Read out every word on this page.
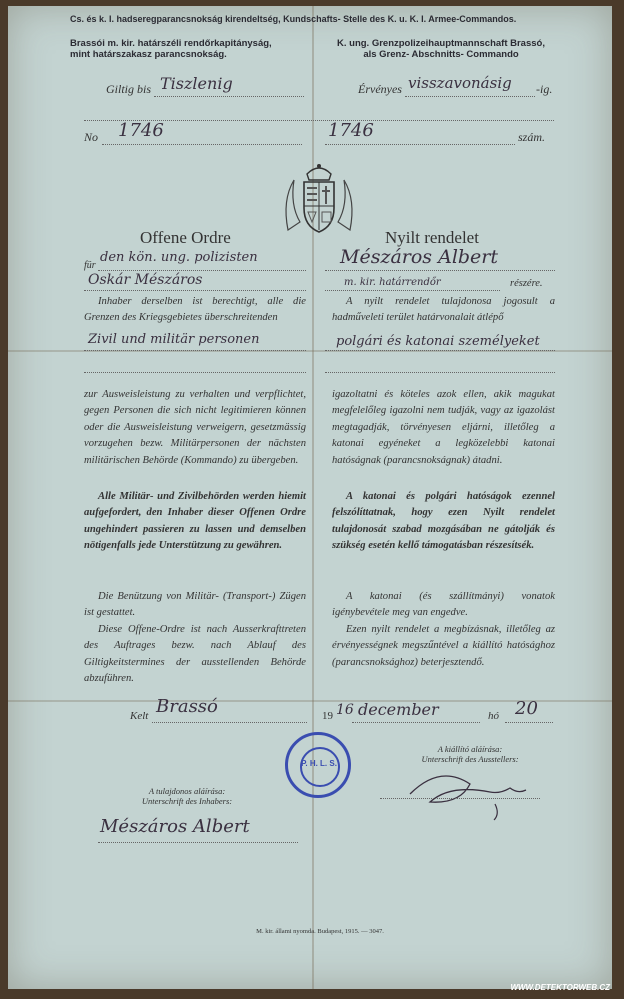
Cs. és k. I. hadseregparancsnokság kirendeltség, Kundschafts- Stelle des K. u. K. I. Armee-Commandos.
Brassói m. kir. határszéli rendőrkapitányság,
mint határszakasz parancsnokság.
K. ung. Grenzpolizeihauptmannschaft Brassó,
als Grenz- Abschnitts- Commando
Giltig bis Tiszlenig	Érvényes visszavonásig -ig.
No 1746	1746	szám.
Offene Ordre	Nyilt rendelet
für
den kön. ung. polizisten
Oskár Mészáros
Mészáros Albert
m. kir. határrendőr	részére.
Inhaber derselben ist berechtigt, alle die Grenzen des Kriegsgebietes überschreitenden
A nyilt rendelet tulajdonosa jogosult a hadműveleti terület határvonalait átlépő
Zivil und militär personen	polgári és katonai személyeket
zur Ausweisleistung zu verhalten und verpflichtet, gegen Personen die sich nicht legitimieren können oder die Ausweisleistung verweigern, gesetzmässig vorzugehen bezw. Militärpersonen der nächsten militärischen Behörde (Kommando) zu übergeben.
igazoltatni és köteles azok ellen, akik magukat megfelelőleg igazolni nem tudják, vagy az igazolást megtagadják, törvényesen eljárni, illetőleg a katonai egyéneket a legközelebbi katonai hatóságnak (parancsnokságnak) átadni.
Alle Militär- und Zivilbehörden werden hiemit aufgefordert, den Inhaber dieser Offenen Ordre ungehindert passieren zu lassen und demselben nötigenfalls jede Unterstützung zu gewähren.
A katonai és polgári hatóságok ezennel felszólíttatnak, hogy ezen Nyilt rendelet tulajdonosát szabad mozgásában ne gátolják és szükség esetén kellő támogatásban részesítsék.
Die Benützung von Militär- (Transport-) Zügen ist gestattet.
A katonai (és szállítmányi) vonatok igénybevétele meg van engedve.
Diese Offene-Ordre ist nach Ausserkrafttreten des Auftrages bezw. nach Ablauf des Giltigkeitstermines der ausstellenden Behörde abzuführen.
Ezen nyilt rendelet a megbízásnak, illetőleg az érvényességnek megszűntével a kiállító hatósághoz (parancsnoksághoz) beterjesztendő.
Kelt Brassó	19 16 december	hó 20
P. H. L. S.
A kiállító aláírása:
Unterschrift des Ausstellers:
A tulajdonos aláírása:
Unterschrift des Inhabers:
Mészáros Albert
M. kir. állami nyomda. Budapest, 1915. — 3047.
WWW.DETEKTORWEB.CZ
